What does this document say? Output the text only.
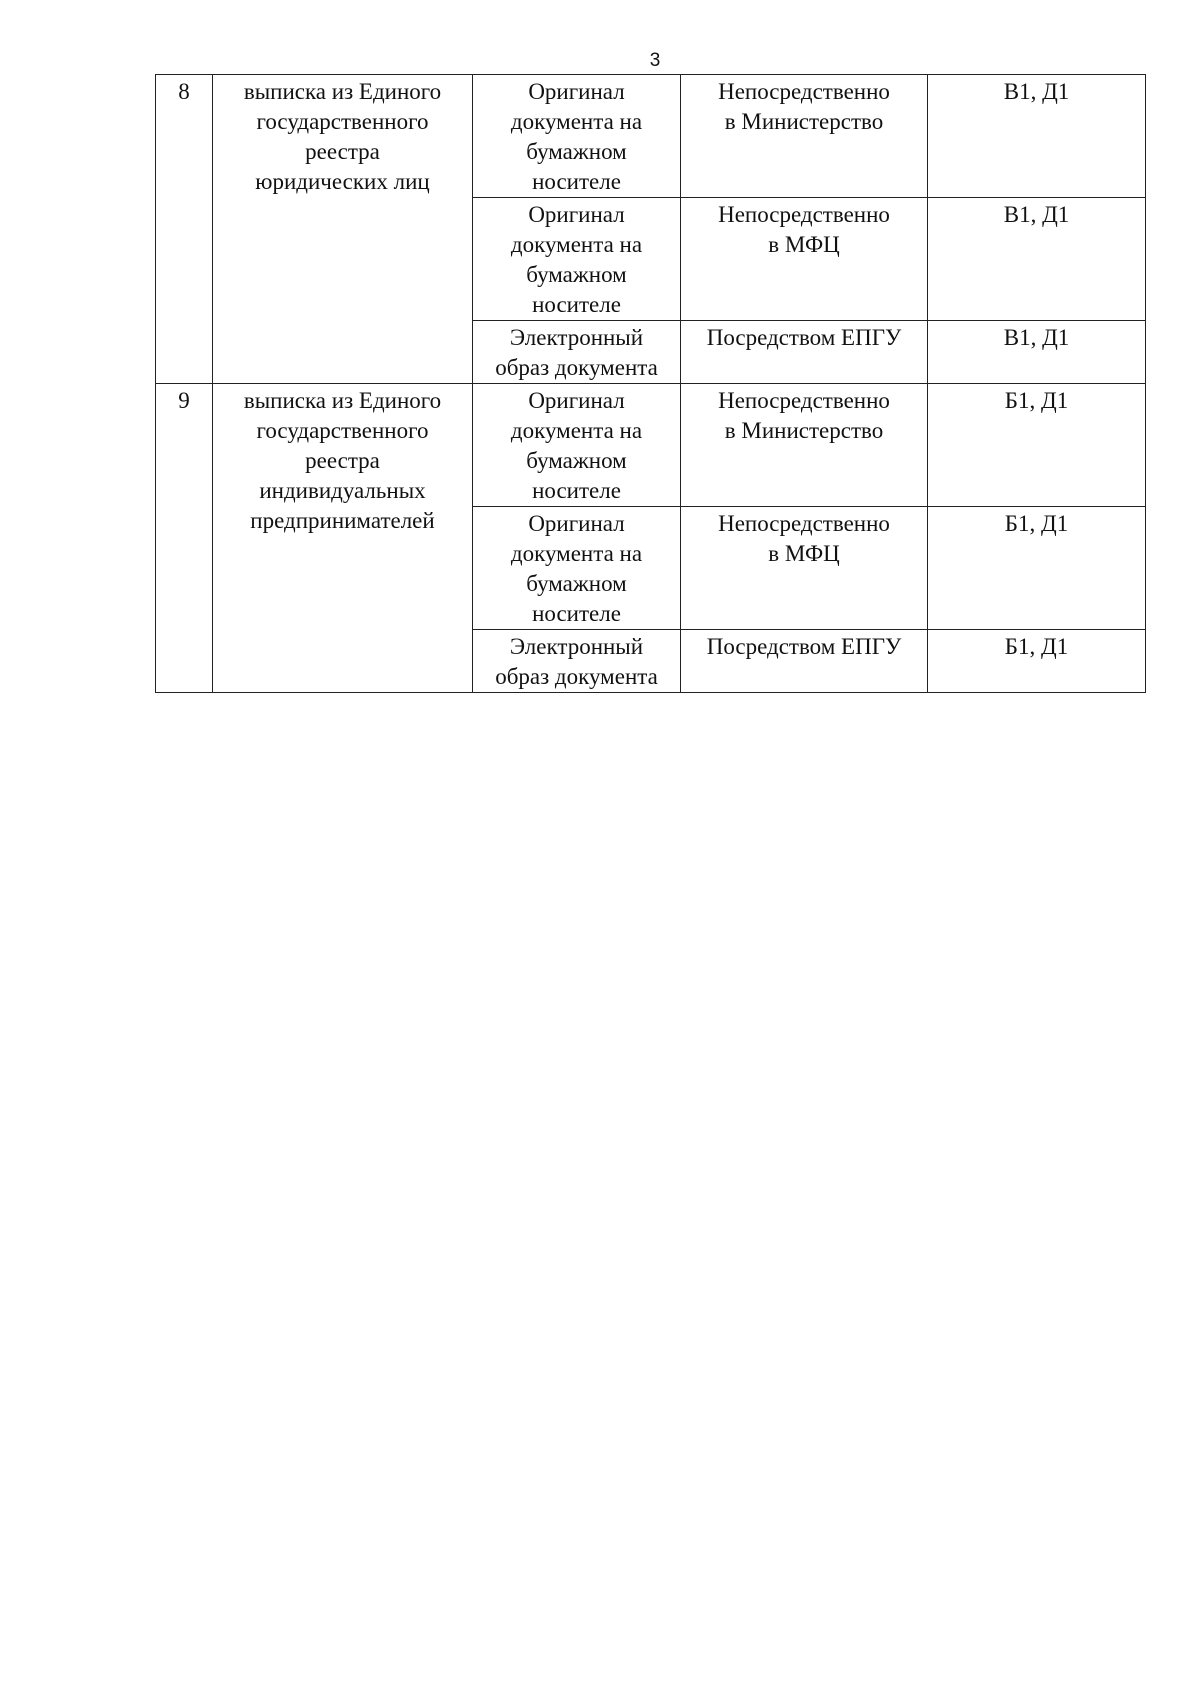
3
8	выписка из Единого
государственного
реестра
юридических лиц	Оригинал
документа на
бумажном
носителе	Непосредственно
в Министерство	В1, Д1

		Оригинал
документа на
бумажном
носителе	Непосредственно
в МФЦ	В1, Д1

		Электронный
образ документа	Посредством ЕПГУ	В1, Д1

9	выписка из Единого
государственного
реестра
индивидуальных
предпринимателей	Оригинал
документа на
бумажном
носителе	Непосредственно
в Министерство	Б1, Д1

		Оригинал
документа на
бумажном
носителе	Непосредственно
в МФЦ	Б1, Д1

		Электронный
образ документа	Посредством ЕПГУ	Б1, Д1
